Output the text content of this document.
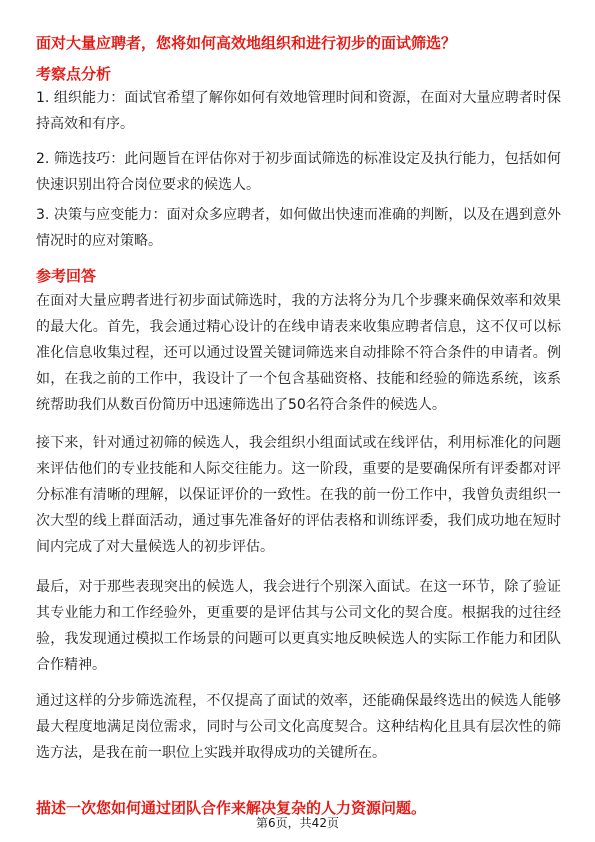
面对大量应聘者，您将如何高效地组织和进行初步的面试筛选？
考察点分析

1. 组织能力：面试官希望了解你如何有效地管理时间和资源，在面对大量应聘者时保持高效和有序。

2. 筛选技巧：此问题旨在评估你对于初步面试筛选的标准设定及执行能力，包括如何快速识别出符合岗位要求的候选人。

3. 决策与应变能力：面对众多应聘者，如何做出快速而准确的判断，以及在遇到意外情况时的应对策略。

参考回答

在面对大量应聘者进行初步面试筛选时，我的方法将分为几个步骤来确保效率和效果的最大化。首先，我会通过精心设计的在线申请表来收集应聘者信息，这不仅可以标准化信息收集过程，还可以通过设置关键词筛选来自动排除不符合条件的申请者。例如，在我之前的工作中，我设计了一个包含基础资格、技能和经验的筛选系统，该系统帮助我们从数百份简历中迅速筛选出了50名符合条件的候选人。

接下来，针对通过初筛的候选人，我会组织小组面试或在线评估，利用标准化的问题来评估他们的专业技能和人际交往能力。这一阶段，重要的是要确保所有评委都对评分标准有清晰的理解，以保证评价的一致性。在我的前一份工作中，我曾负责组织一次大型的线上群面活动，通过事先准备好的评估表格和训练评委，我们成功地在短时间内完成了对大量候选人的初步评估。

最后，对于那些表现突出的候选人，我会进行个别深入面试。在这一环节，除了验证其专业能力和工作经验外，更重要的是评估其与公司文化的契合度。根据我的过往经验，我发现通过模拟工作场景的问题可以更真实地反映候选人的实际工作能力和团队合作精神。

通过这样的分步筛选流程，不仅提高了面试的效率，还能确保最终选出的候选人能够最大程度地满足岗位需求，同时与公司文化高度契合。这种结构化且具有层次性的筛选方法，是我在前一职位上实践并取得成功的关键所在。

描述一次您如何通过团队合作来解决复杂的人力资源问题。
第6页，共42页
